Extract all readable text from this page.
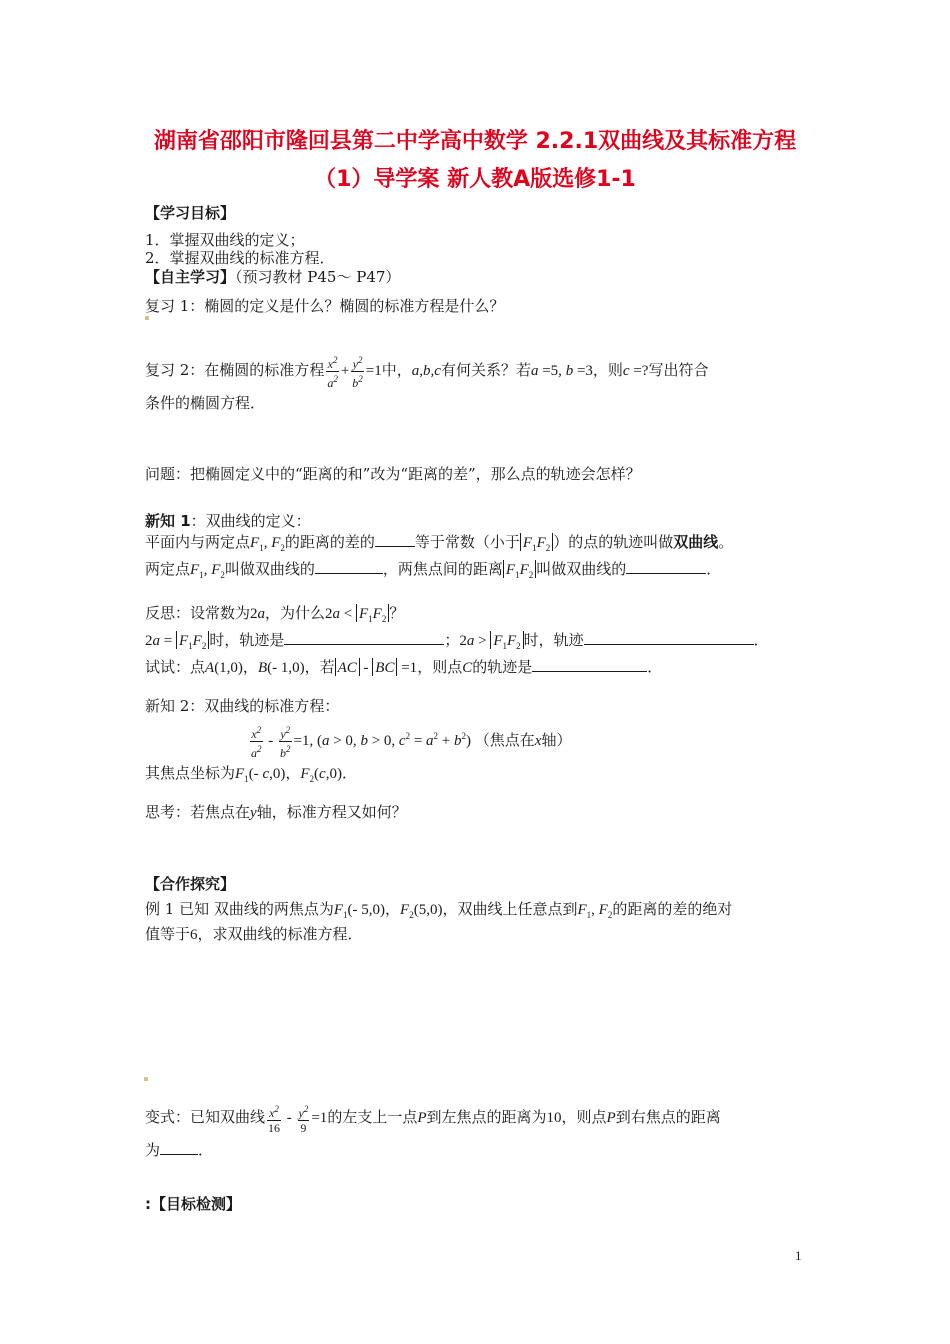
湖南省邵阳市隆回县第二中学高中数学 2.2.1双曲线及其标准方程
（1）导学案 新人教A版选修1-1
【学习目标】
1．掌握双曲线的定义；
2．掌握双曲线的标准方程．
【自主学习】（预习教材 P45～ P47）
复习 1：椭圆的定义是什么？椭圆的标准方程是什么？
复习 2：在椭圆的标准方程 $\frac{x^2}{a^2} + \frac{y^2}{b^2} =1$中，a,b,c有何关系？若a =5, b =3，则c =?写出符合
条件的椭圆方程．
问题：把椭圆定义中的“距离的和”改为“距离的差”，那么点的轨迹会怎样？
新知 1：双曲线的定义：
平面内与两定点$F_1$, $F_2$的距离的差的	等于常数（小于 $F_1F_2$ ）的点的轨迹叫做双曲线。
两定点$F_1$, $F_2$叫做双曲线的	，两焦点间的距离 $F_1F_2$ 叫做双曲线的	．
反思：设常数为2a，为什么$2a < F_1F_2$ ？
$2a = F_1F_2$ 时，轨迹是	；$2a > F_1F_2$ 时，轨迹	．
试试：点A(1,0)，B(- 1,0)，若 AC - BC =1，则点C的轨迹是	．
新知 2：双曲线的标准方程：
$\frac{x^2}{a^2} - \frac{y^2}{b^2} =1$, (a > 0, b > 0, $c^2 = a^2 + b^2$) （焦点在x轴）
其焦点坐标为$F_1(-$ c,0)，$F_2(c,0)$．
思考：若焦点在y轴，标准方程又如何？
【合作探究】
例 1 已知 双曲线的两焦点为$F_1(-$ 5,0)，$F_2(5,0)$，双曲线上任意点到$F_1$, $F_2$的距离的差的绝对
值等于6，求双曲线的标准方程．
变式：已知双曲线 $\frac{x^2}{16} - \frac{y^2}{9} =1$的左支上一点P到左焦点的距离为10，则点P到右焦点的距离
为	．
:【目标检测】
1
